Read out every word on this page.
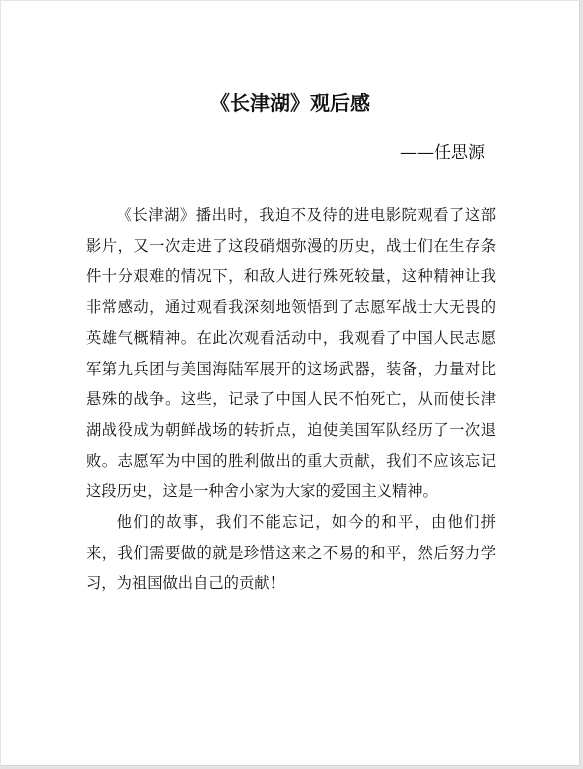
《长津湖》观后感

——任思源

《长津湖》播出时，我迫不及待的进电影院观看了这部影片，又一次走进了这段硝烟弥漫的历史，战士们在生存条件十分艰难的情况下，和敌人进行殊死较量，这种精神让我非常感动，通过观看我深刻地领悟到了志愿军战士大无畏的英雄气概精神。在此次观看活动中，我观看了中国人民志愿军第九兵团与美国海陆军展开的这场武器，装备，力量对比悬殊的战争。这些，记录了中国人民不怕死亡，从而使长津湖战役成为朝鲜战场的转折点，迫使美国军队经历了一次退败。志愿军为中国的胜利做出的重大贡献，我们不应该忘记这段历史，这是一种舍小家为大家的爱国主义精神。

他们的故事，我们不能忘记，如今的和平，由他们拼来，我们需要做的就是珍惜这来之不易的和平，然后努力学习，为祖国做出自己的贡献！
